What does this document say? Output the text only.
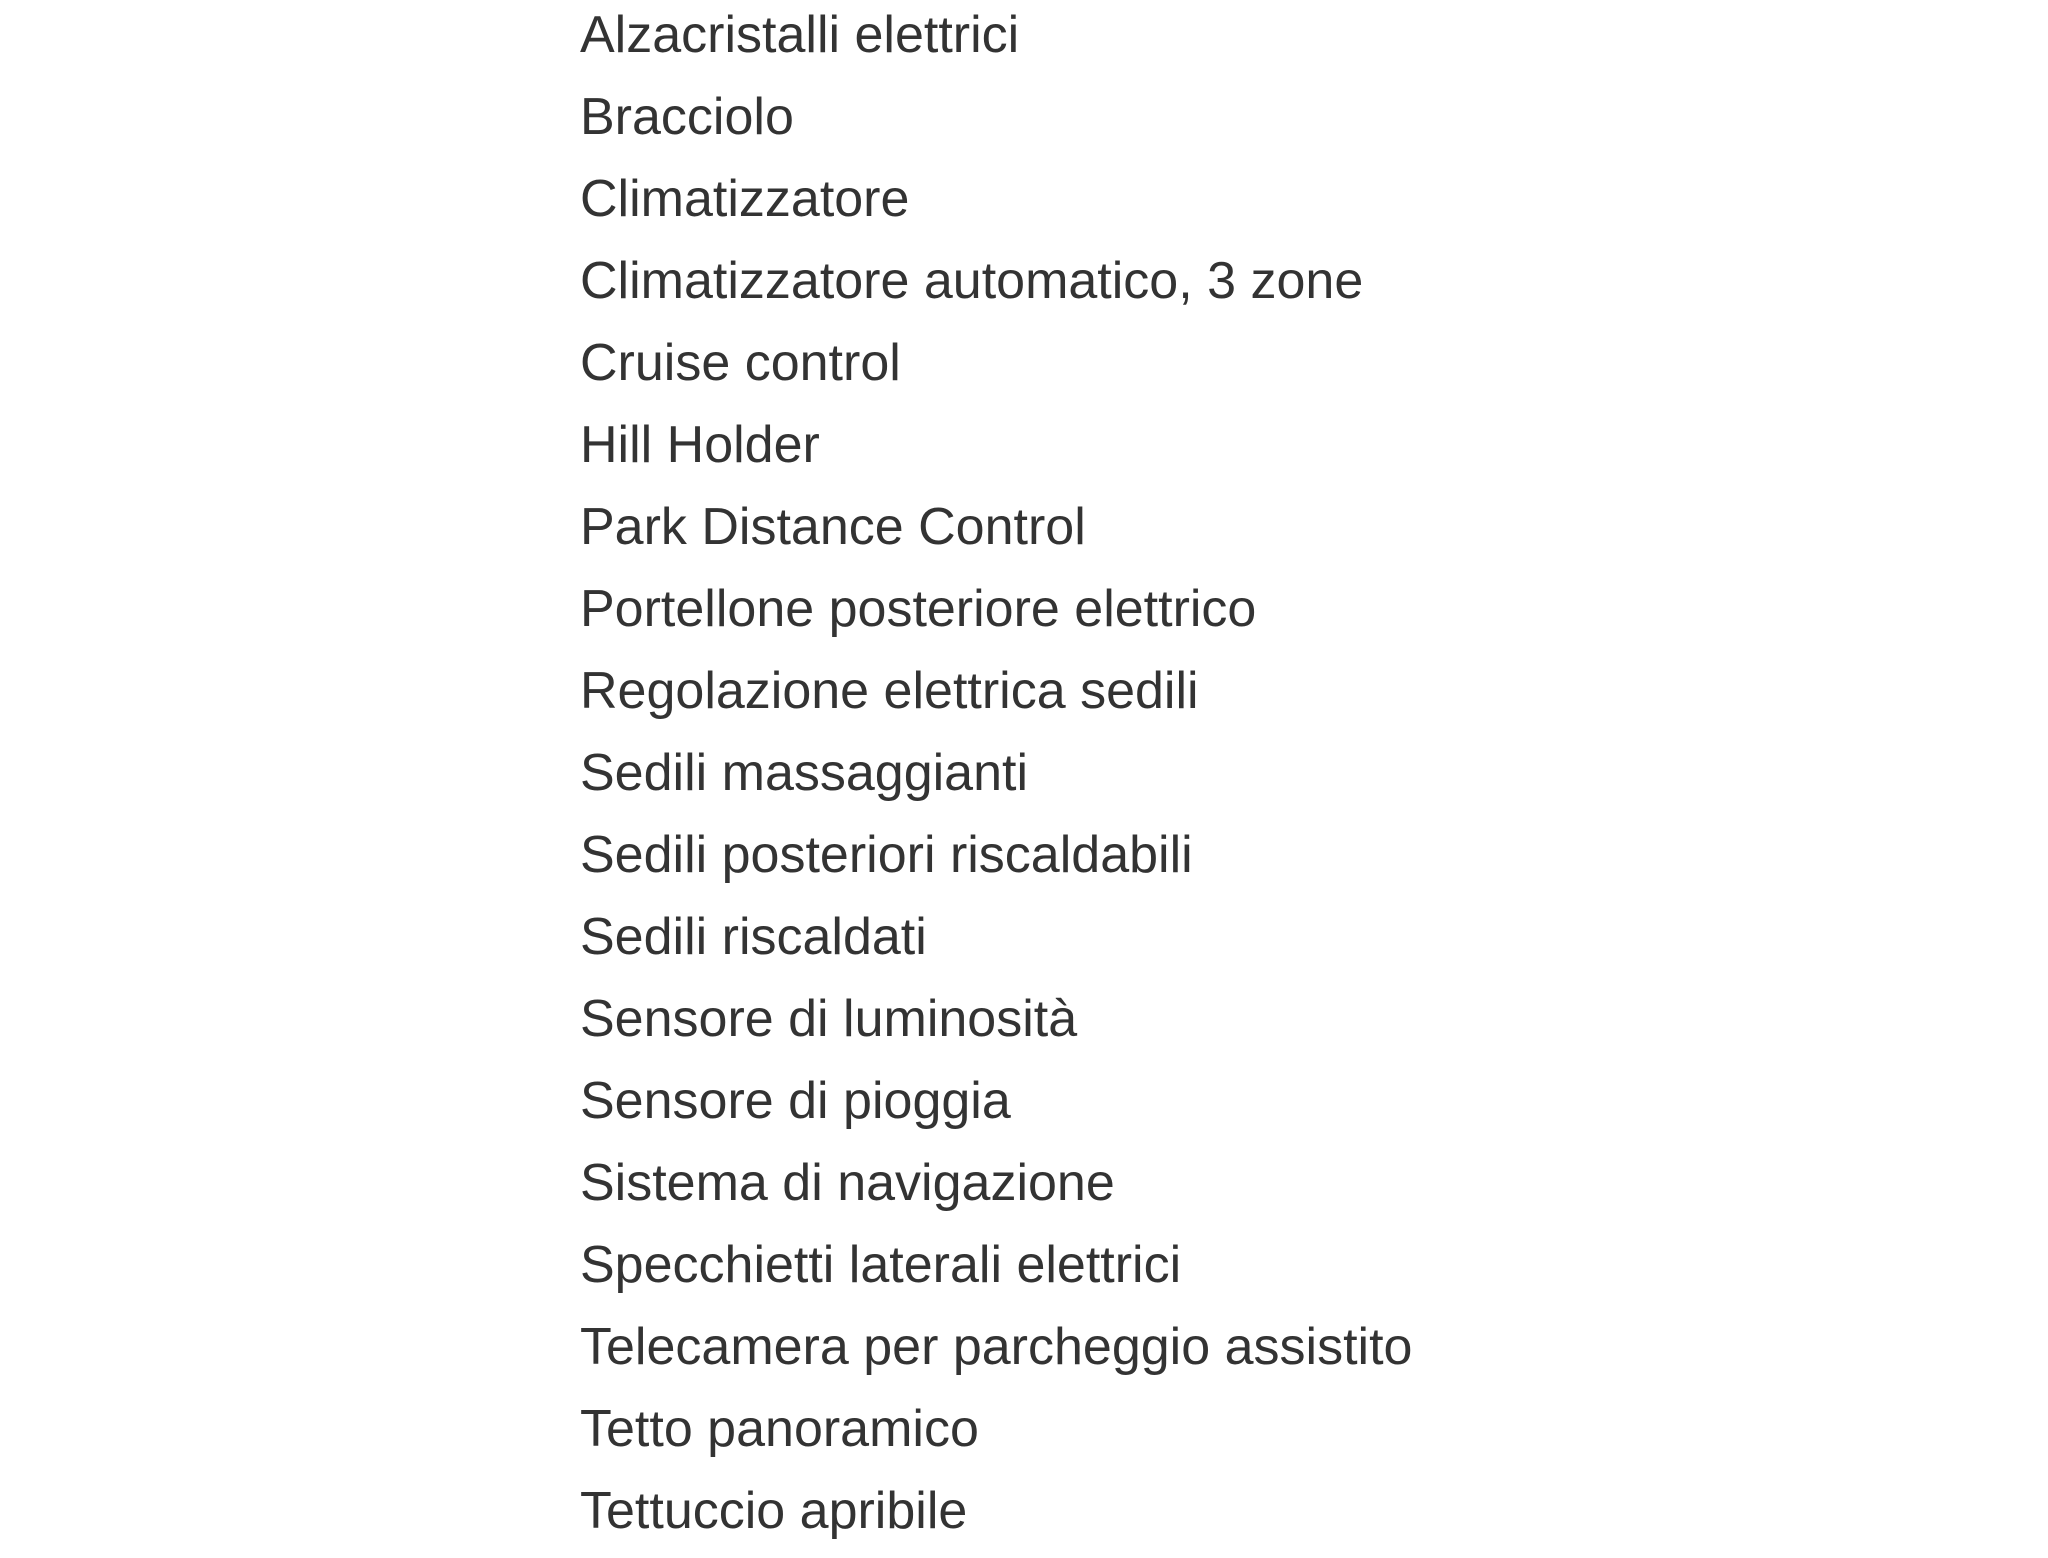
Alzacristalli elettrici
Bracciolo
Climatizzatore
Climatizzatore automatico, 3 zone
Cruise control
Hill Holder
Park Distance Control
Portellone posteriore elettrico
Regolazione elettrica sedili
Sedili massaggianti
Sedili posteriori riscaldabili
Sedili riscaldati
Sensore di luminosità
Sensore di pioggia
Sistema di navigazione
Specchietti laterali elettrici
Telecamera per parcheggio assistito
Tetto panoramico
Tettuccio apribile
